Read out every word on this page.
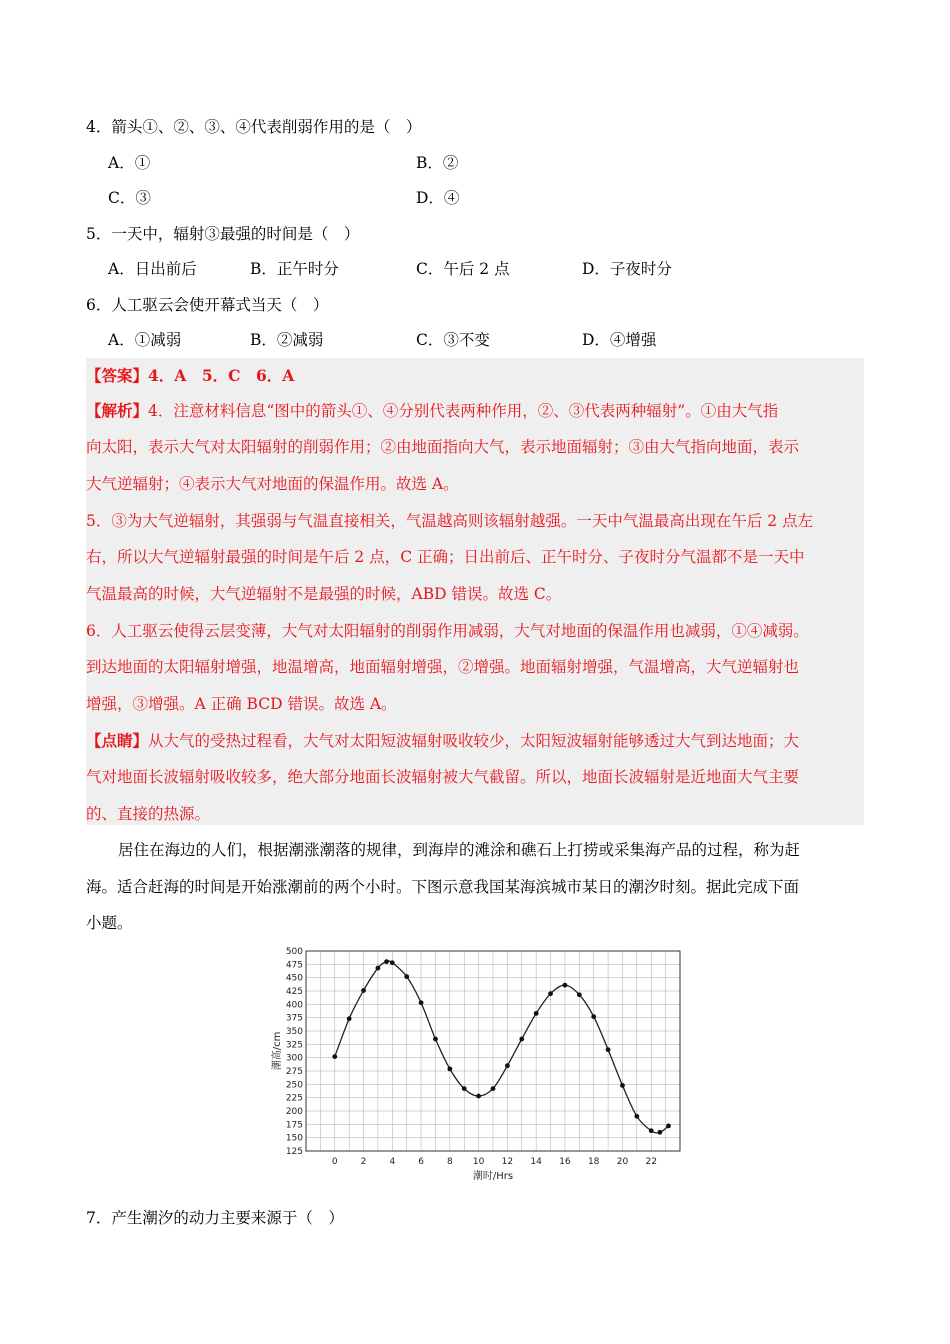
4．箭头①、②、③、④代表削弱作用的是（　）
A．①	B．②
C．③	D．④
5．一天中，辐射③最强的时间是（　）
A．日出前后	B．正午时分	C．午后 2 点	D．子夜时分
6．人工驱云会使开幕式当天（　）
A．①减弱	B．②减弱	C．③不变	D．④增强
【答案】4．A　5．C　6．A
【解析】4．注意材料信息“图中的箭头①、④分别代表两种作用，②、③代表两种辐射”。①由大气指
向太阳，表示大气对太阳辐射的削弱作用；②由地面指向大气，表示地面辐射；③由大气指向地面，表示
大气逆辐射；④表示大气对地面的保温作用。故选 A。
5．③为大气逆辐射，其强弱与气温直接相关，气温越高则该辐射越强。一天中气温最高出现在午后 2 点左
右，所以大气逆辐射最强的时间是午后 2 点，C 正确；日出前后、正午时分、子夜时分气温都不是一天中
气温最高的时候，大气逆辐射不是最强的时候，ABD 错误。故选 C。
6．人工驱云使得云层变薄，大气对太阳辐射的削弱作用减弱，大气对地面的保温作用也减弱，①④减弱。
到达地面的太阳辐射增强，地温增高，地面辐射增强，②增强。地面辐射增强，气温增高，大气逆辐射也
增强，③增强。A 正确 BCD 错误。故选 A。
【点睛】从大气的受热过程看，大气对太阳短波辐射吸收较少，太阳短波辐射能够透过大气到达地面；大
气对地面长波辐射吸收较多，绝大部分地面长波辐射被大气截留。所以，地面长波辐射是近地面大气主要
的、直接的热源。
居住在海边的人们，根据潮涨潮落的规律，到海岸的滩涂和礁石上打捞或采集海产品的过程，称为赶
海。适合赶海的时间是开始涨潮前的两个小时。下图示意我国某海滨城市某日的潮汐时刻。据此完成下面
小题。
125
150
175
200
225
250
275
300
325
350
375
400
425
450
475
500
0	2	4	6	8 10 12 14 16 18 20 22
潮时/Hrs
潮高/cm
7．产生潮汐的动力主要来源于（　）
